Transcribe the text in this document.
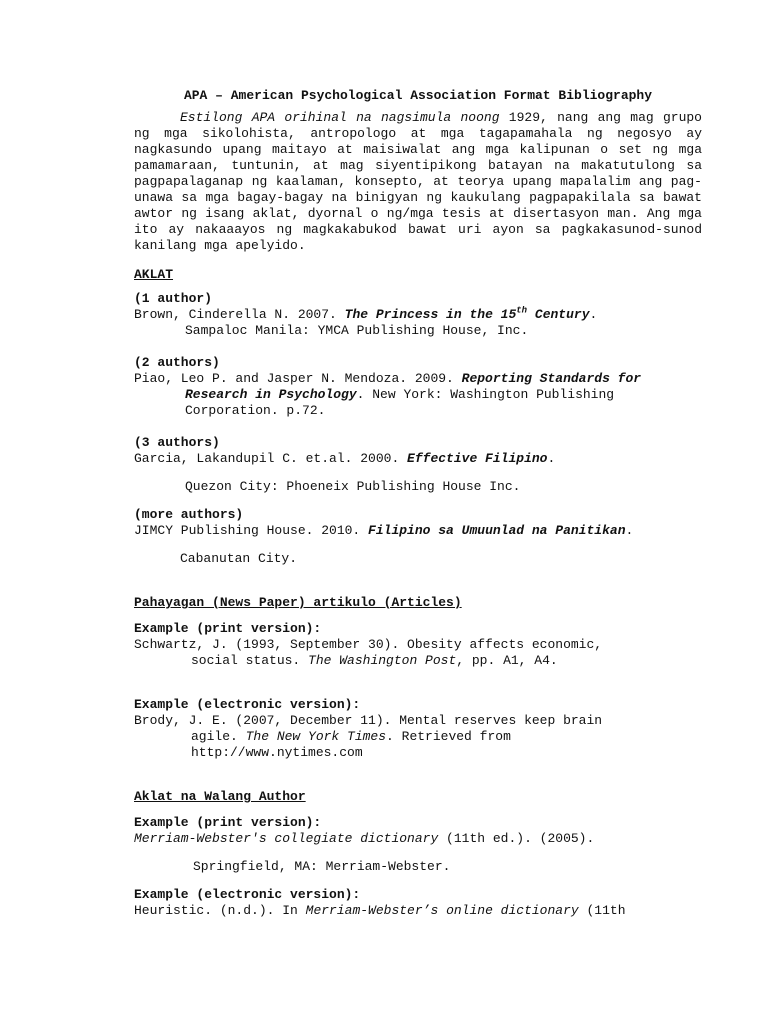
APA – American Psychological Association Format Bibliography

Estilong APA orihinal na nagsimula noong 1929, nang ang mag grupo ng mga sikolohista, antropologo at mga tagapamahala ng negosyo ay nagkasundo upang maitayo at maisiwalat ang mga kalipunan o set ng mga pamamaraan, tuntunin, at mag siyentipikong batayan na makatutulong sa pagpapalaganap ng kaalaman, konsepto, at teorya upang mapalalim ang pag-unawa sa mga bagay-bagay na binigyan ng kaukulang pagpapakilala sa bawat awtor ng isang aklat, dyornal o ng/mga tesis at disertasyon man. Ang mga ito ay nakaaayos ng magkakabukod bawat uri ayon sa pagkakasunod-sunod kanilang mga apelyido.

AKLAT
(1 author)
Brown, Cinderella N. 2007. The Princess in the 15th Century.
Sampaloc Manila: YMCA Publishing House, Inc.
(2 authors)
Piao, Leo P. and Jasper N. Mendoza. 2009. Reporting Standards for
Research in Psychology. New York: Washington Publishing
Corporation. p.72.
(3 authors)
Garcia, Lakandupil C. et.al. 2000. Effective Filipino.
Quezon City: Phoeneix Publishing House Inc.
(more authors)
JIMCY Publishing House. 2010. Filipino sa Umuunlad na Panitikan.
Cabanutan City.
Pahayagan (News Paper) artikulo (Articles)
Example (print version):
Schwartz, J. (1993, September 30). Obesity affects economic,
social status. The Washington Post, pp. A1, A4.
Example (electronic version):
Brody, J. E. (2007, December 11). Mental reserves keep brain
agile. The New York Times. Retrieved from
http://www.nytimes.com
Aklat na Walang Author
Example (print version):
Merriam-Webster's collegiate dictionary (11th ed.). (2005).
Springfield, MA: Merriam-Webster.
Example (electronic version):
Heuristic. (n.d.). In Merriam-Webster’s online dictionary (11th
